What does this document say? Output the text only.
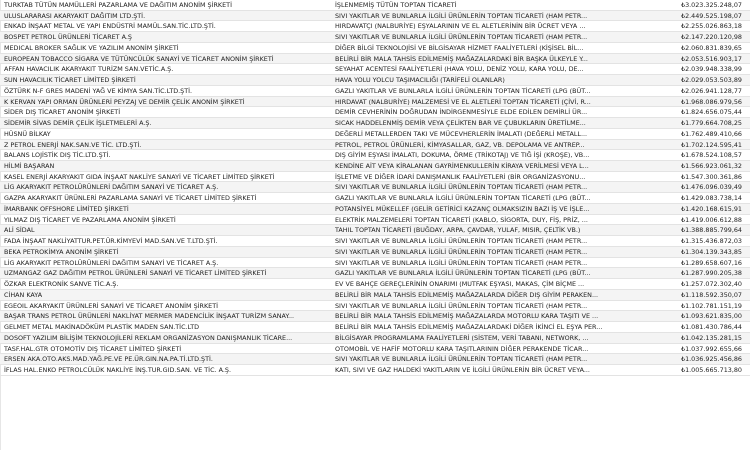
TURKTAB TÜTÜN MAMÜLLERİ PAZARLAMA VE DAĞITIM ANONİM ŞİRKETİ	İŞLENMEMİŞ TÜTÜN TOPTAN TİCARETİ	₺3.023.325.248,07
ULUSLARARASI AKARYAKIT DAĞITIM LTD.ŞTİ.	SIVI YAKITLAR VE BUNLARLA İLGİLİ ÜRÜNLERİN TOPTAN TİCARETİ (HAM PETR...	₺2.449.525.198,07
ENKAD İNŞAAT METAL VE YAPI ENDÜSTRİ MAMÜL.SAN.TİC.LTD.ŞTİ.	HIRDAVATÇI (NALBURİYE) EŞYALARININ VE EL ALETLERİNİN BİR ÜCRET VEYA ...	₺2.255.026.863,18
BOSPET PETROL ÜRÜNLERİ TİCARET A.Ş	SIVI YAKITLAR VE BUNLARLA İLGİLİ ÜRÜNLERİN TOPTAN TİCARETİ (HAM PETR...	₺2.147.220.120,98
MEDICAL BROKER SAĞLIK VE YAZILIM ANONİM ŞİRKETİ	DİĞER BİLGİ TEKNOLOJİSİ VE BİLGİSAYAR HİZMET FAALİYETLERİ (KİŞİSEL BİL...	₺2.060.831.839,65
EUROPEAN TOBACCO SİGARA VE TÜTÜNCÜLÜK SANAYİ VE TİCARET ANONİM ŞİRKETİ	BELİRLİ BİR MALA TAHSİS EDİLMEMİŞ MAĞAZALARDAKİ BİR BAŞKA ÜLKEYLE Y...	₺2.053.516.903,17
AFFAN HAVACILIK AKARYAKIT TURİZM SAN.VETİC.A.Ş.	SEYAHAT ACENTESİ FAALİYETLERİ (HAVA YOLU, DENİZ YOLU, KARA YOLU, DE...	₺2.039.948.338,99
SUN HAVACILIK TİCARET LİMİTED ŞİRKETİ	HAVA YOLU YOLCU TAŞIMACILIĞI (TARİFELİ OLANLAR)	₺2.029.053.503,89
ÖZTÜRK N-F GRES MADENİ YAĞ VE KİMYA SAN.TİC.LTD.ŞTİ.	GAZLI YAKITLAR VE BUNLARLA İLGİLİ ÜRÜNLERİN TOPTAN TİCARETİ (LPG (BÜT...	₺2.026.941.128,77
K KERVAN YAPI ORMAN ÜRÜNLERİ PEYZAJ VE DEMİR ÇELİK ANONİM ŞİRKETİ	HIRDAVAT (NALBURİYE) MALZEMESİ VE EL ALETLERİ TOPTAN TİCARETİ (ÇİVİ, R...	₺1.968.086.979,56
SİDER DIŞ TİCARET ANONİM ŞİRKETİ	DEMİR CEVHERİNİN DOĞRUDAN İNDİRGENMESİYLE ELDE EDİLEN DEMİRLİ ÜR...	₺1.824.656.075,44
SİDEMİR SİVAS DEMİR ÇELİK İŞLETMELERİ A.Ş.	SICAK HADDELENMİŞ DEMİR VEYA ÇELİKTEN BAR VE ÇUBUKLARIN ÜRETİLME...	₺1.779.664.708,25
HÜSNÜ BİLKAY	DEĞERLİ METALLERDEN TAKI VE MÜCEVHERLERİN İMALATI (DEĞERLİ METALL...	₺1.762.489.410,66
Z PETROL ENERJİ NAK.SAN.VE TİC. LTD.ŞTİ.	PETROL, PETROL ÜRÜNLERİ, KİMYASALLAR, GAZ, VB. DEPOLAMA VE ANTREP...	₺1.702.124.595,41
BALANS LOJİSTİK DIŞ TİC.LTD.ŞTİ.	DIŞ GİYİM EŞYASI İMALATI, DOKUMA, ÖRME (TRİKOTAJ) VE TIĞ İŞİ (KROŞE), VB...	₺1.678.524.108,57
HİLMİ BAŞARAN	KENDİNE AİT VEYA KİRALANAN GAYRİMENKULLERİN KİRAYA VERİLMESİ VEYA L...	₺1.566.923.061,32
KASEL ENERJİ AKARYAKIT GIDA İNŞAAT NAKLİYE SANAYİ VE TİCARET LİMİTED ŞİRKETİ	İŞLETME VE DİĞER İDARİ DANIŞMANLIK FAALİYETLERİ (BİR ORGANİZASYONU...	₺1.547.300.361,86
LİG AKARYAKIT PETROLÜRÜNLERİ DAĞITIM SANAYİ VE TİCARET A.Ş.	SIVI YAKITLAR VE BUNLARLA İLGİLİ ÜRÜNLERİN TOPTAN TİCARETİ (HAM PETR...	₺1.476.096.039,49
GAZPA AKARYAKIT ÜRÜNLERİ PAZARLAMA SANAYİ VE TİCARET LİMİTED ŞİRKETİ	GAZLI YAKITLAR VE BUNLARLA İLGİLİ ÜRÜNLERİN TOPTAN TİCARETİ (LPG (BÜT...	₺1.429.083.738,14
İMARBANK OFFSHORE LİMİTED ŞİRKETİ	POTANSİYEL MÜKELLEF (GELİR GETİRİCİ KAZANÇ OLMAKSIZIN BAZI İŞ VE İŞLE...	₺1.420.168.615,91
YILMAZ DIŞ TİCARET VE PAZARLAMA ANONİM ŞİRKETİ	ELEKTRİK MALZEMELERİ TOPTAN TİCARETİ (KABLO, SİGORTA, DUY, FİŞ, PRİZ, ...	₺1.419.006.612,88
ALİ SİDAL	TAHIL TOPTAN TİCARETİ (BUĞDAY, ARPA, ÇAVDAR, YULAF, MISIR, ÇELTİK VB.)	₺1.388.885.799,64
FADA İNŞAAT NAKLİYATTUR.PET.ÜR.KİMYEVİ MAD.SAN.VE T.LTD.ŞTİ.	SIVI YAKITLAR VE BUNLARLA İLGİLİ ÜRÜNLERİN TOPTAN TİCARETİ (HAM PETR...	₺1.315.436.872,03
BEKA PETROKİMYA ANONİM ŞİRKETİ	SIVI YAKITLAR VE BUNLARLA İLGİLİ ÜRÜNLERİN TOPTAN TİCARETİ (HAM PETR...	₺1.304.139.343,85
LİG AKARYAKIT PETROLÜRÜNLERİ DAĞITIM SANAYİ VE TİCARET A.Ş.	SIVI YAKITLAR VE BUNLARLA İLGİLİ ÜRÜNLERİN TOPTAN TİCARETİ (HAM PETR...	₺1.289.658.607,16
UZMANGAZ GAZ DAĞITIM PETROL ÜRÜNLERİ SANAYİ VE TİCARET LİMİTED ŞİRKETİ	GAZLI YAKITLAR VE BUNLARLA İLGİLİ ÜRÜNLERİN TOPTAN TİCARETİ (LPG (BÜT...	₺1.287.990.205,38
ÖZKAR ELEKTRONİK SANVE TİC.A.Ş.	EV VE BAHÇE GEREÇLERİNİN ONARIMI (MUTFAK EŞYASI, MAKAS, ÇİM BİÇME ...	₺1.257.072.302,40
CİHAN KAYA	BELİRLİ BİR MALA TAHSİS EDİLMEMİŞ MAĞAZALARDA DİĞER DIŞ GİYİM PERAKEN...	₺1.118.592.350,07
EGEOIL AKARYAKIT ÜRÜNLERİ SANAYİ VE TİCARET ANONİM ŞİRKETİ	SIVI YAKITLAR VE BUNLARLA İLGİLİ ÜRÜNLERİN TOPTAN TİCARETİ (HAM PETR...	₺1.102.781.151,19
BAŞAR TRANS PETROL ÜRÜNLERİ NAKLİYAT MERMER MADENCİLİK İNŞAAT TURİZM SANAY...	BELİRLİ BİR MALA TAHSİS EDİLMEMİŞ MAĞAZALARDA MOTORLU KARA TAŞITI VE ...	₺1.093.621.835,00
GELMET METAL MAKİNADÖKÜM PLASTİK MADEN SAN.TİC.LTD	BELİRLİ BİR MALA TAHSİS EDİLMEMİŞ MAĞAZALARDAKİ DİĞER İKİNCİ EL EŞYA PER...	₺1.081.430.786,44
DOSOFT YAZILIM BİLİŞİM TEKNOLOJİLERİ REKLAM ORGANİZASYON DANIŞMANLIK TİCARE...	BİLGİSAYAR PROGRAMLAMA FAALİYETLERİ (SİSTEM, VERİ TABANI, NETWORK, ...	₺1.042.135.281,15
TASF.HAL.GTR OTOMOTİV DIŞ TİCARET LİMİTED ŞİRKETİ	OTOMOBİL VE HAFİF MOTORLU KARA TAŞITLARININ DİĞER PERAKENDE TİCAR...	₺1.037.992.655,66
ERSEN AKA.OTO.AKS.MAD.YAĞ.PE.VE PE.ÜR.GIN.NA.PA.Tİ.LTD.ŞTİ.	SIVI YAKITLAR VE BUNLARLA İLGİLİ ÜRÜNLERİN TOPTAN TİCARETİ (HAM PETR...	₺1.036.925.456,86
İFLAS HAL.ENKO PETROLCÜLÜK NAKLİYE İNŞ.TUR.GID.SAN. VE TİC. A.Ş.	KATI, SIVI VE GAZ HALDEKİ YAKITLARIN VE İLGİLİ ÜRÜNLERİN BİR ÜCRET VEYA...	₺1.005.665.713,80
